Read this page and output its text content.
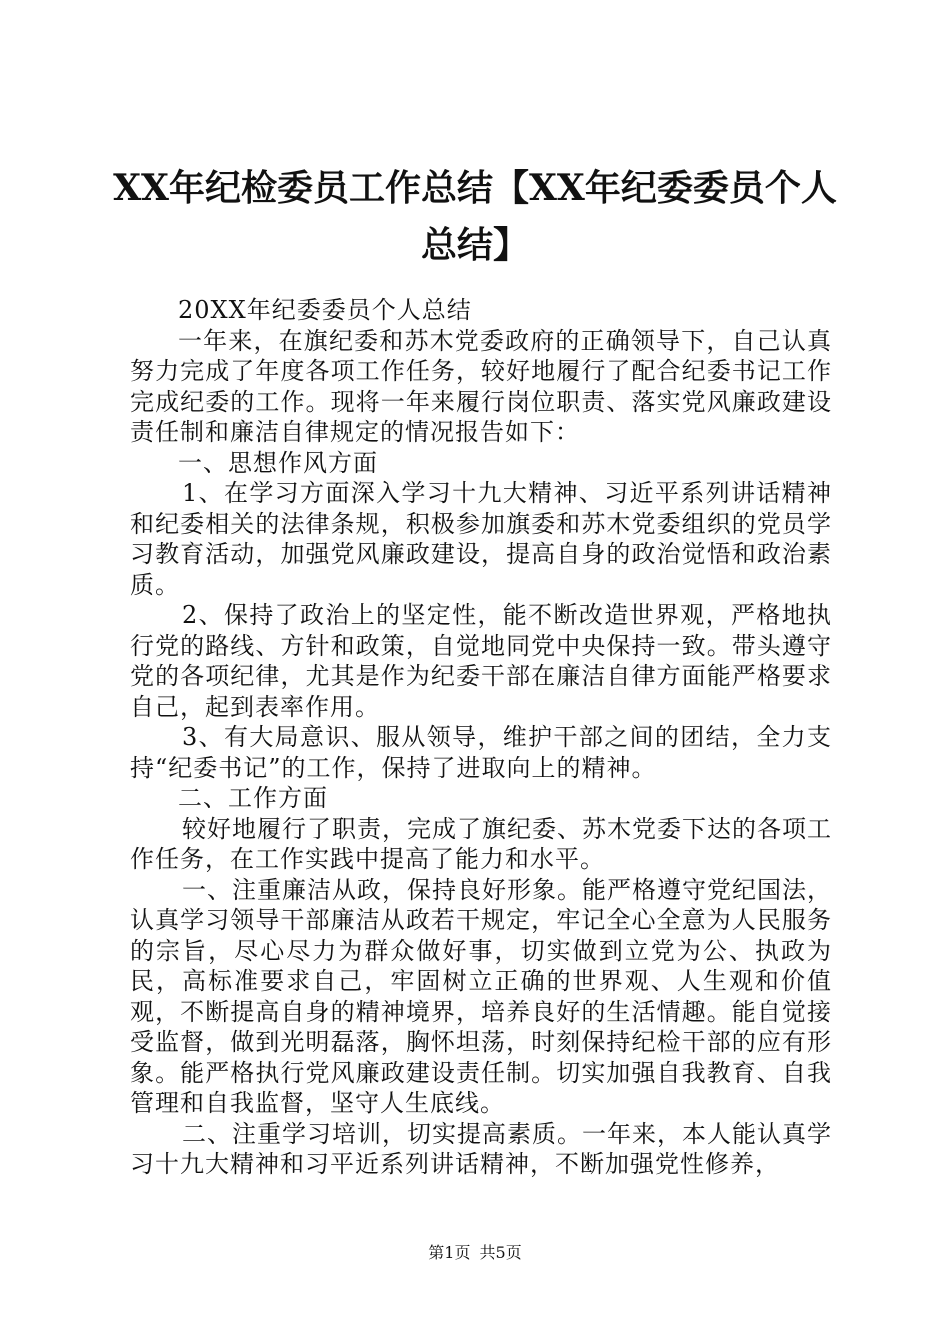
XX年纪检委员工作总结【XX年纪委委员个人总结】

20XX年纪委委员个人总结

一年来，在旗纪委和苏木党委政府的正确领导下，自己认真努力完成了年度各项工作任务，较好地履行了配合纪委书记工作完成纪委的工作。现将一年来履行岗位职责、落实党风廉政建设责任制和廉洁自律规定的情况报告如下：

一、思想作风方面

1、在学习方面深入学习十九大精神、习近平系列讲话精神和纪委相关的法律条规，积极参加旗委和苏木党委组织的党员学习教育活动，加强党风廉政建设，提高自身的政治觉悟和政治素质。

2、保持了政治上的坚定性，能不断改造世界观，严格地执行党的路线、方针和政策，自觉地同党中央保持一致。带头遵守党的各项纪律，尤其是作为纪委干部在廉洁自律方面能严格要求自己，起到表率作用。

3、有大局意识、服从领导，维护干部之间的团结，全力支持“纪委书记”的工作，保持了进取向上的精神。

二、工作方面

较好地履行了职责，完成了旗纪委、苏木党委下达的各项工作任务，在工作实践中提高了能力和水平。

一、注重廉洁从政，保持良好形象。能严格遵守党纪国法，认真学习领导干部廉洁从政若干规定，牢记全心全意为人民服务的宗旨，尽心尽力为群众做好事，切实做到立党为公、执政为民，高标准要求自己，牢固树立正确的世界观、人生观和价值观，不断提高自身的精神境界，培养良好的生活情趣。能自觉接受监督，做到光明磊落，胸怀坦荡，时刻保持纪检干部的应有形象。能严格执行党风廉政建设责任制。切实加强自我教育、自我管理和自我监督，坚守人生底线。

二、注重学习培训，切实提高素质。一年来，本人能认真学习十九大精神和习平近系列讲话精神，不断加强党性修养，

第1页 共5页
